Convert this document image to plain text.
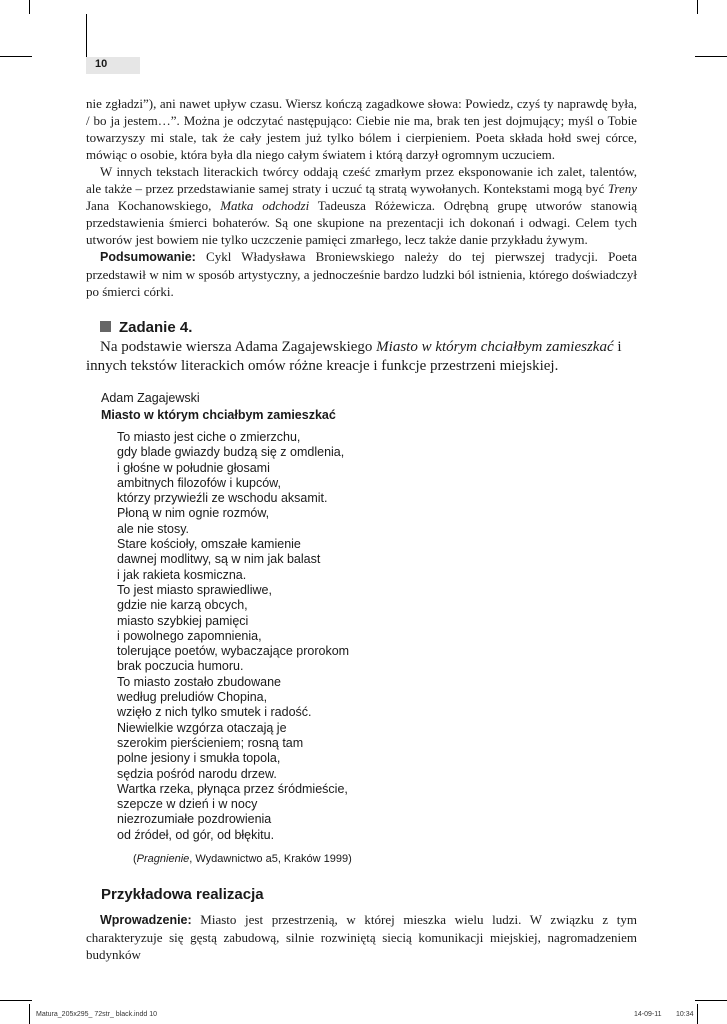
10

nie zgładzi”), ani nawet upływ czasu. Wiersz kończą zagadkowe słowa: Powiedz, czyś ty naprawdę była, / bo ja jestem…”. Można je odczytać następująco: Ciebie nie ma, brak ten jest dojmujący; myśl o Tobie towarzyszy mi stale, tak że cały jestem już tylko bólem i cierpieniem. Poeta składa hołd swej córce, mówiąc o osobie, która była dla niego całym światem i którą darzył ogromnym uczuciem.

W innych tekstach literackich twórcy oddają cześć zmarłym przez eksponowanie ich zalet, talentów, ale także – przez przedstawianie samej straty i uczuć tą stratą wywołanych. Kontekstami mogą być Treny Jana Kochanowskiego, Matka odchodzi Tadeusza Różewicza. Odrębną grupę utworów stanowią przedstawienia śmierci bohaterów. Są one skupione na prezentacji ich dokonań i odwagi. Celem tych utworów jest bowiem nie tylko uczczenie pamięci zmarłego, lecz także danie przykładu żywym.

Podsumowanie: Cykl Władysława Broniewskiego należy do tej pierwszej tradycji. Poeta przedstawił w nim w sposób artystyczny, a jednocześnie bardzo ludzki ból istnienia, którego doświadczył po śmierci córki.

Zadanie 4.

Na podstawie wiersza Adama Zagajewskiego Miasto w którym chciałbym zamieszkać i innych tekstów literackich omów różne kreacje i funkcje przestrzeni miejskiej.

Adam Zagajewski
Miasto w którym chciałbym zamieszkać
To miasto jest ciche o zmierzchu,
gdy blade gwiazdy budzą się z omdlenia,
i głośne w południe głosami
ambitnych filozofów i kupców,
którzy przywieźli ze wschodu aksamit.
Płoną w nim ognie rozmów,
ale nie stosy.
Stare kościoły, omszałe kamienie
dawnej modlitwy, są w nim jak balast
i jak rakieta kosmiczna.
To jest miasto sprawiedliwe,
gdzie nie karzą obcych,
miasto szybkiej pamięci
i powolnego zapomnienia,
tolerujące poetów, wybaczające prorokom
brak poczucia humoru.
To miasto zostało zbudowane
według preludiów Chopina,
wzięło z nich tylko smutek i radość.
Niewielkie wzgórza otaczają je
szerokim pierścieniem; rosną tam
polne jesiony i smukła topola,
sędzia pośród narodu drzew.
Wartka rzeka, płynąca przez śródmieście,
szepcze w dzień i w nocy
niezrozumiałe pozdrowienia
od źródeł, od gór, od błękitu.
(Pragnienie, Wydawnictwo a5, Kraków 1999)
Przykładowa realizacja

Wprowadzenie: Miasto jest przestrzenią, w której mieszka wielu ludzi. W związku z tym charakteryzuje się gęstą zabudową, silnie rozwiniętą siecią komunikacji miejskiej, nagromadzeniem budynków

Matura_205x295_ 72str_ black.indd 10	14-09-11 10:34
